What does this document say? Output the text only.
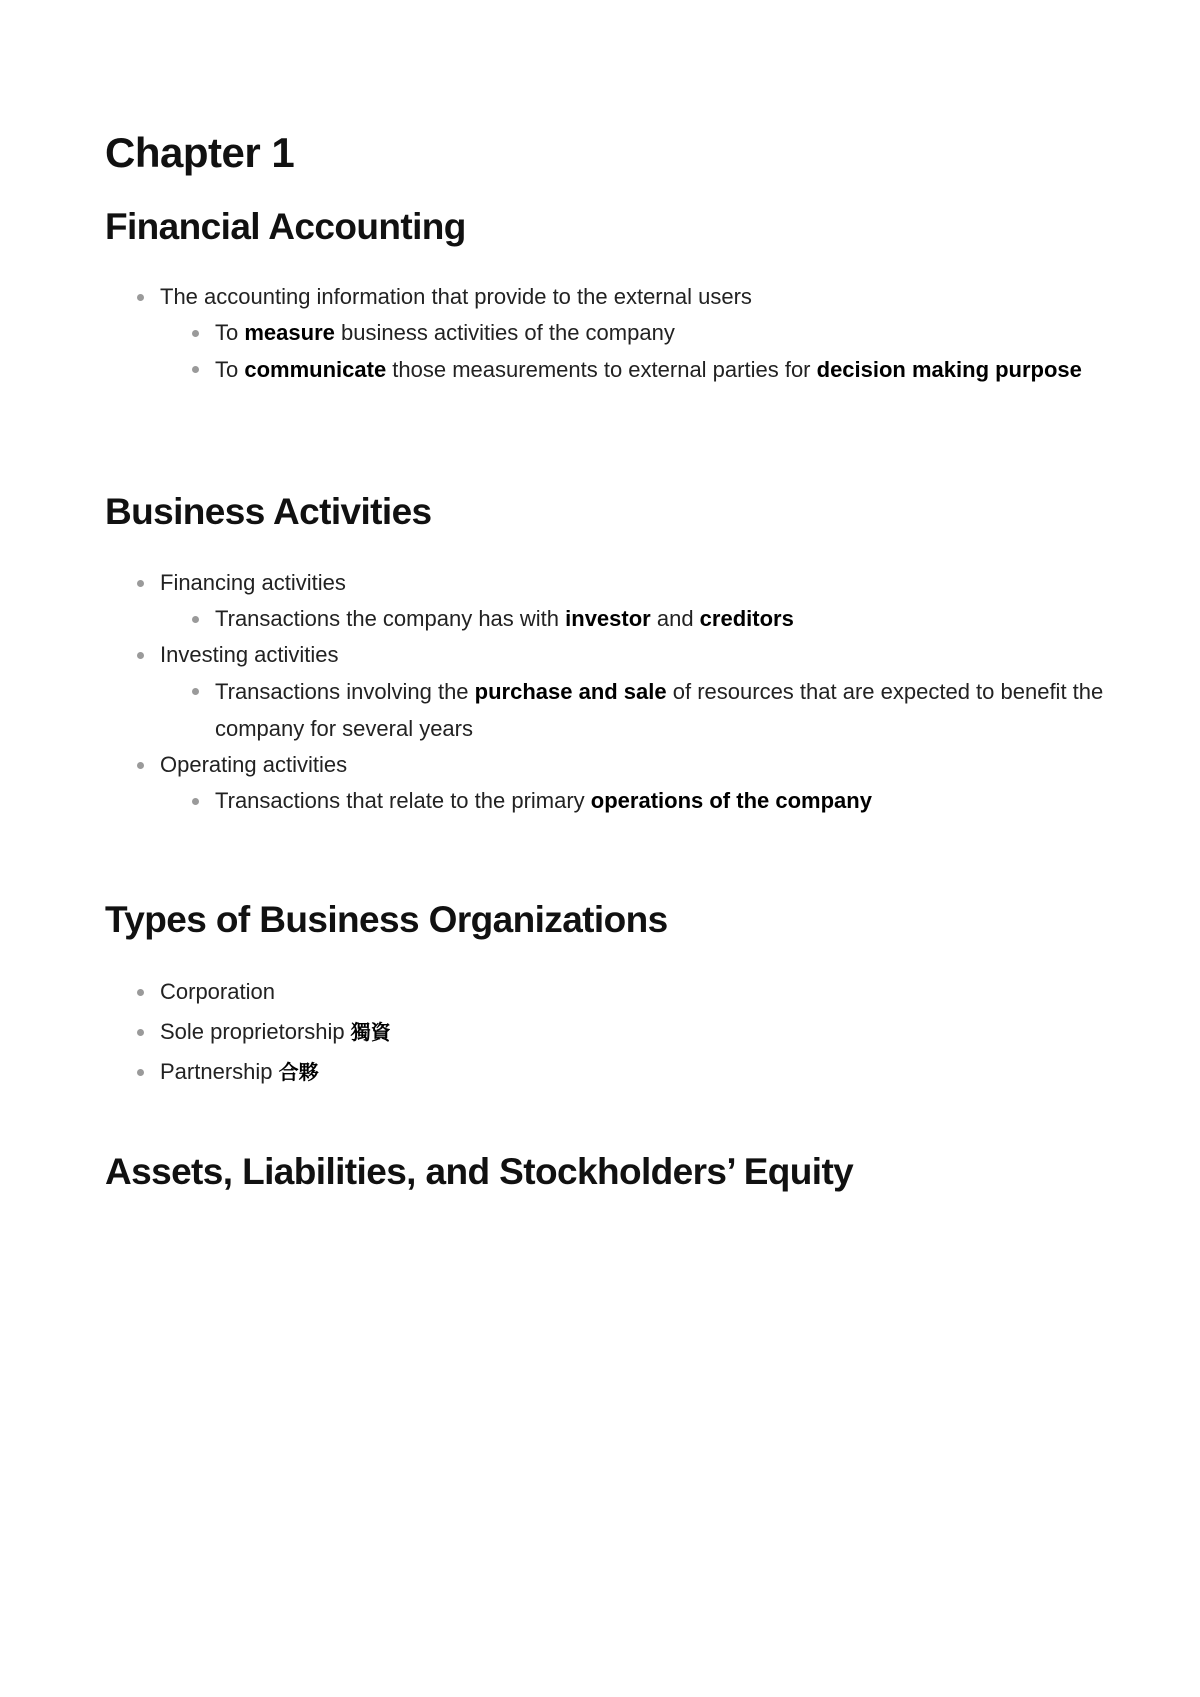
Chapter 1
Financial Accounting
The accounting information that provide to the external users
To measure business activities of the company
To communicate those measurements to external parties for decision making purpose
Business Activities
Financing activities
Transactions the company has with investor and creditors
Investing activities
Transactions involving the purchase and sale of resources that are expected to benefit the company for several years
Operating activities
Transactions that relate to the primary operations of the company
Types of Business Organizations
Corporation
Sole proprietorship 獨資
Partnership 合夥
Assets, Liabilities, and Stockholders’ Equity
